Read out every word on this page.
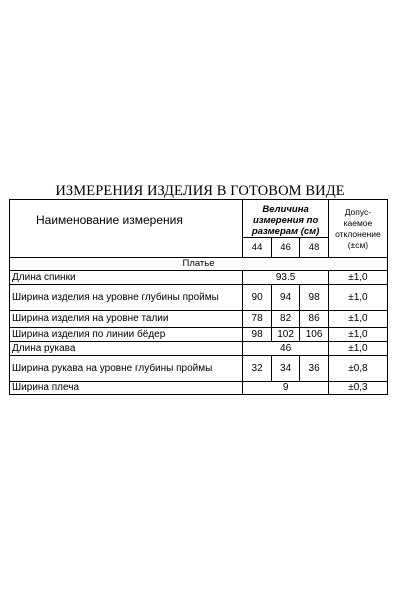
ИЗМЕРЕНИЯ ИЗДЕЛИЯ В ГОТОВОМ ВИДЕ
Наименование измерения	Величина измерения по размерам (см)			Допус-каемое отклонение (±см)
	44	46	48	
Платье				
Длина спинки	93.5			±1,0
Ширина изделия на уровне глубины проймы	90	94	98	±1,0
Ширина изделия на уровне талии	78	82	86	±1,0
Ширина изделия по линии бёдер	98	102	106	±1,0
Длина рукава	46			±1,0
Ширина рукава на уровне глубины проймы	32	34	36	±0,8
Ширина плеча	9			±0,3
